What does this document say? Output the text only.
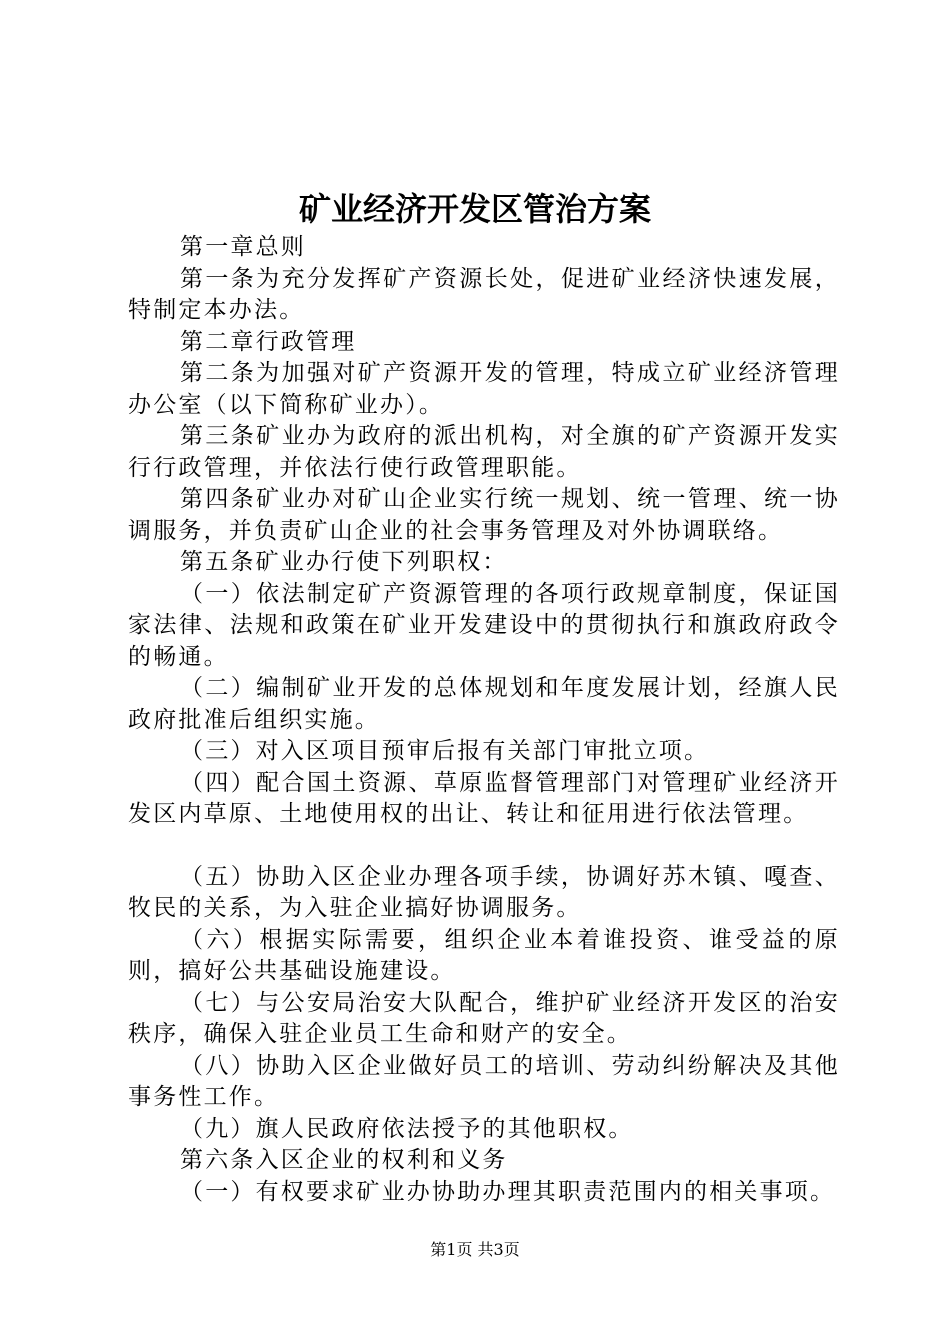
矿业经济开发区管治方案

第一章总则

第一条为充分发挥矿产资源长处，促进矿业经济快速发展，特制定本办法。

第二章行政管理

第二条为加强对矿产资源开发的管理，特成立矿业经济管理办公室（以下简称矿业办）。

第三条矿业办为政府的派出机构，对全旗的矿产资源开发实行行政管理，并依法行使行政管理职能。

第四条矿业办对矿山企业实行统一规划、统一管理、统一协调服务，并负责矿山企业的社会事务管理及对外协调联络。

第五条矿业办行使下列职权：

（一）依法制定矿产资源管理的各项行政规章制度，保证国家法律、法规和政策在矿业开发建设中的贯彻执行和旗政府政令的畅通。

（二）编制矿业开发的总体规划和年度发展计划，经旗人民政府批准后组织实施。

（三）对入区项目预审后报有关部门审批立项。

（四）配合国土资源、草原监督管理部门对管理矿业经济开发区内草原、土地使用权的出让、转让和征用进行依法管理。

（五）协助入区企业办理各项手续，协调好苏木镇、嘎查、牧民的关系，为入驻企业搞好协调服务。

（六）根据实际需要，组织企业本着谁投资、谁受益的原则，搞好公共基础设施建设。

（七）与公安局治安大队配合，维护矿业经济开发区的治安秩序，确保入驻企业员工生命和财产的安全。

（八）协助入区企业做好员工的培训、劳动纠纷解决及其他事务性工作。

（九）旗人民政府依法授予的其他职权。

第六条入区企业的权利和义务

（一）有权要求矿业办协助办理其职责范围内的相关事项。

第1页 共3页
